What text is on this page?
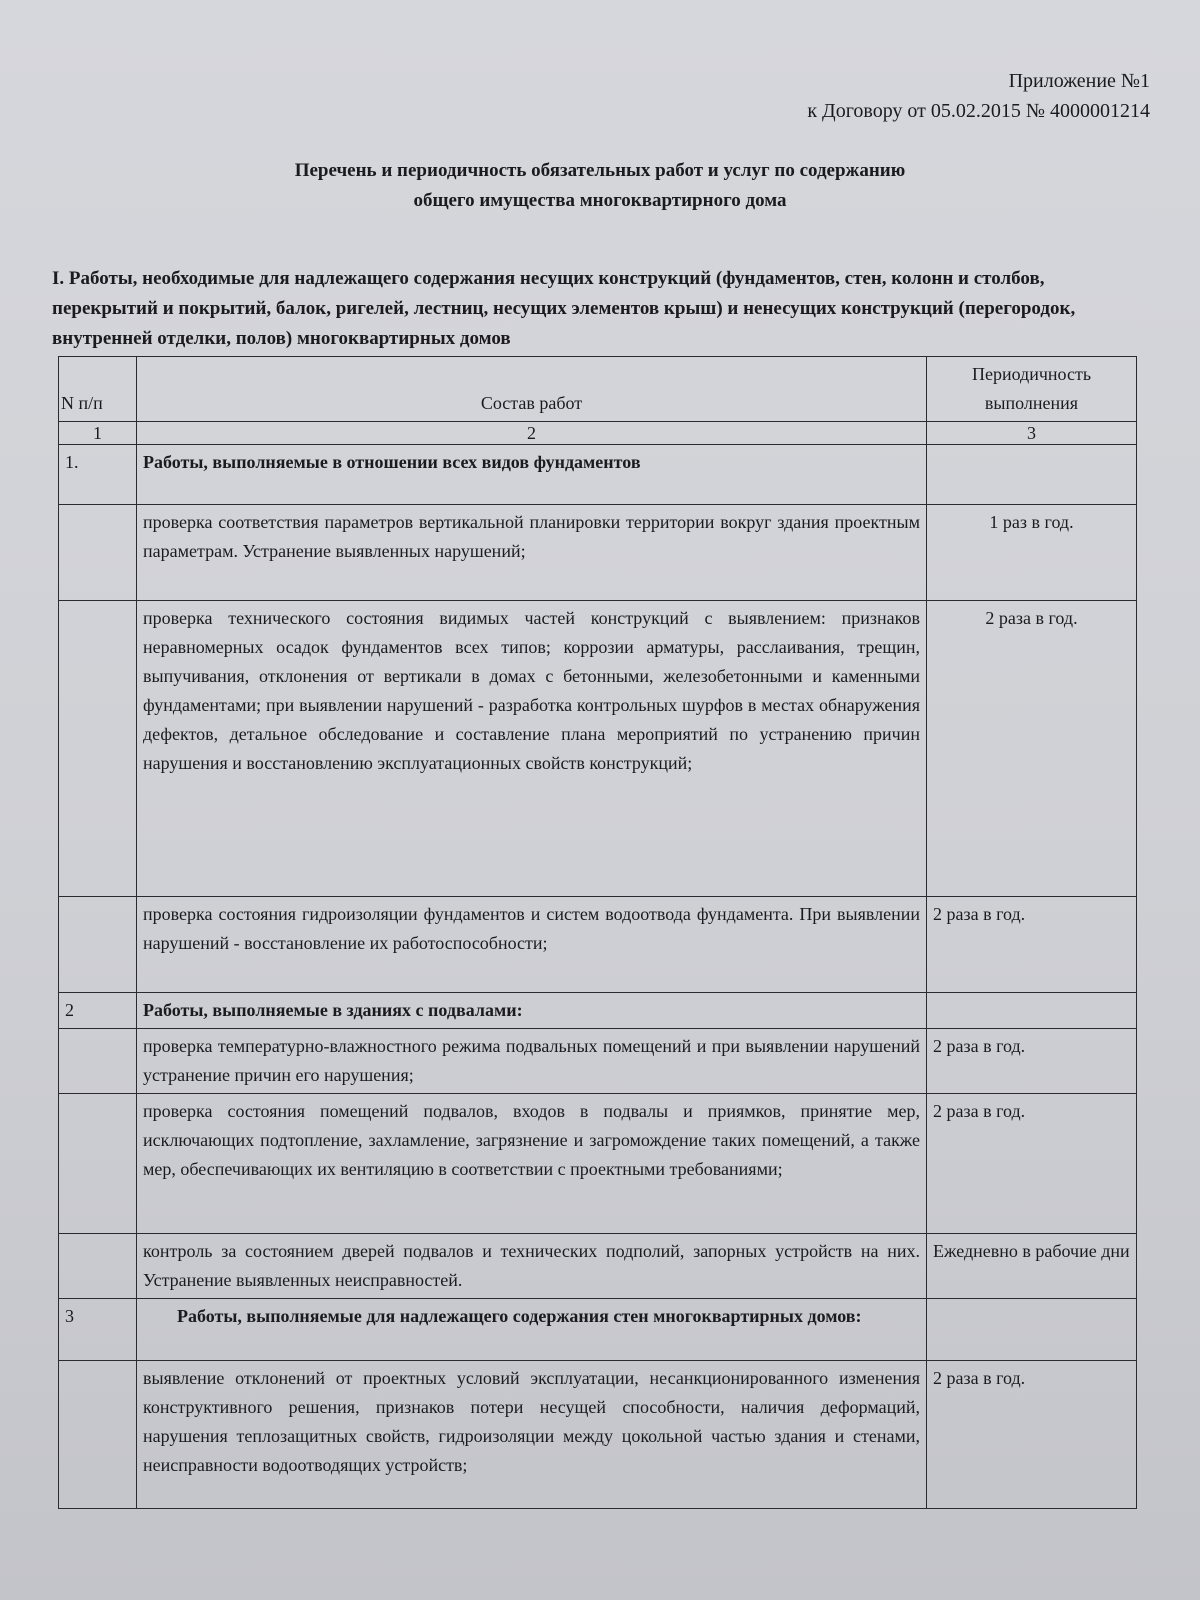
Приложение №1
к Договору от 05.02.2015 № 4000001214
Перечень и периодичность обязательных работ и услуг по содержанию
общего имущества многоквартирного дома
I. Работы, необходимые для надлежащего содержания несущих конструкций (фундаментов, стен, колонн и столбов, перекрытий и покрытий, балок, ригелей, лестниц, несущих элементов крыш) и ненесущих конструкций (перегородок, внутренней отделки, полов) многоквартирных домов
N п/п	Состав работ	Периодичность выполнения
1	2	3
1.	Работы, выполняемые в отношении всех видов фундаментов	
	проверка соответствия параметров вертикальной планировки территории вокруг здания проектным параметрам. Устранение выявленных нарушений;	1 раз в год.
	проверка технического состояния видимых частей конструкций с выявлением: признаков неравномерных осадок фундаментов всех типов; коррозии арматуры, расслаивания, трещин, выпучивания, отклонения от вертикали в домах с бетонными, железобетонными и каменными фундаментами; при выявлении нарушений - разработка контрольных шурфов в местах обнаружения дефектов, детальное обследование и составление плана мероприятий по устранению причин нарушения и восстановлению эксплуатационных свойств конструкций;	2 раза в год.
	проверка состояния гидроизоляции фундаментов и систем водоотвода фундамента. При выявлении нарушений - восстановление их работоспособности;	2 раза в год.
2	Работы, выполняемые в зданиях с подвалами:	
	проверка температурно-влажностного режима подвальных помещений и при выявлении нарушений устранение причин его нарушения;	2 раза в год.
	проверка состояния помещений подвалов, входов в подвалы и приямков, принятие мер, исключающих подтопление, захламление, загрязнение и загромождение таких помещений, а также мер, обеспечивающих их вентиляцию в соответствии с проектными требованиями;	2 раза в год.
	контроль за состоянием дверей подвалов и технических подполий, запорных устройств на них. Устранение выявленных неисправностей.	Ежедневно в рабочие дни
3	Работы, выполняемые для надлежащего содержания стен многоквартирных домов:	
	выявление отклонений от проектных условий эксплуатации, несанкционированного изменения конструктивного решения, признаков потери несущей способности, наличия деформаций, нарушения теплозащитных свойств, гидроизоляции между цокольной частью здания и стенами, неисправности водоотводящих устройств;	2 раза в год.
